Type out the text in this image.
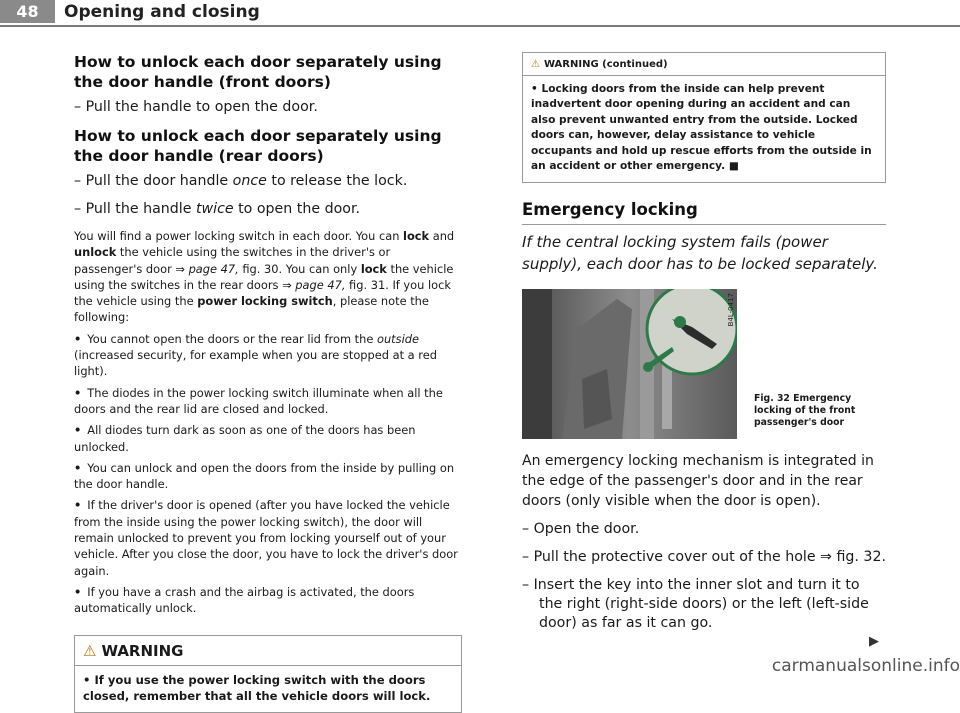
48	Opening and closing
How to unlock each door separately using the door handle (front doors)

– Pull the handle to open the door.

How to unlock each door separately using the door handle (rear doors)

– Pull the door handle once to release the lock.

– Pull the handle twice to open the door.

You will find a power locking switch in each door. You can lock and unlock the vehicle using the switches in the driver's or passenger's door ⇒ page 47, fig. 30. You can only lock the vehicle using the switches in the rear doors ⇒ page 47, fig. 31. If you lock the vehicle using the power locking switch, please note the following:

• You cannot open the doors or the rear lid from the outside (increased security, for example when you are stopped at a red light).

• The diodes in the power locking switch illuminate when all the doors and the rear lid are closed and locked.

• All diodes turn dark as soon as one of the doors has been unlocked.

• You can unlock and open the doors from the inside by pulling on the door handle.

• If the driver's door is opened (after you have locked the vehicle from the inside using the power locking switch), the door will remain unlocked to prevent you from locking yourself out of your vehicle. After you close the door, you have to lock the driver's door again.

• If you have a crash and the airbag is activated, the doors automatically unlock.

⚠ WARNING
• If you use the power locking switch with the doors closed, remember that all the vehicle doors will lock.
⚠ WARNING (continued)
• Locking doors from the inside can help prevent inadvertent door opening during an accident and can also prevent unwanted entry from the outside. Locked doors can, however, delay assistance to vehicle occupants and hold up rescue efforts from the outside in an accident or other emergency. ■
Emergency locking

If the central locking system fails (power supply), each door has to be locked separately.

B4L-0417
Fig. 32 Emergency locking of the front passenger's door

An emergency locking mechanism is integrated in the edge of the passenger's door and in the rear doors (only visible when the door is open).

– Open the door.

– Pull the protective cover out of the hole ⇒ fig. 32.

– Insert the key into the inner slot and turn it to the right (right-side doors) or the left (left-side door) as far as it can go.
▶

carmanualsonline.info
